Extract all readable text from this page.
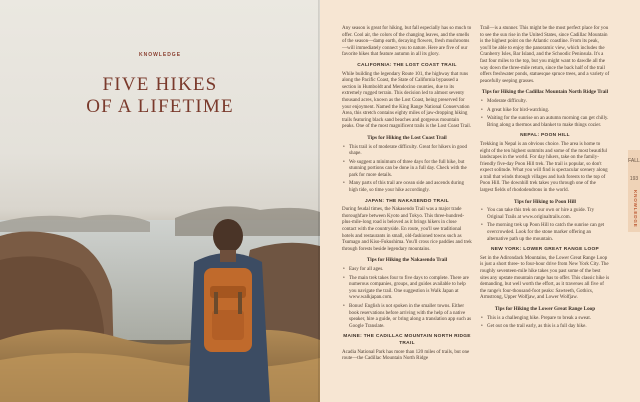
KNOWLEDGE
FIVE HIKES
OF A LIFETIME

Any season is great for hiking, but fall especially has so much to offer. Cool air, the colors of the changing leaves, and the smells of the season—damp earth, decaying flowers, fresh mushrooms—will immediately connect you to nature. Here are five of our favorite hikes that feature autumn in all its glory.

CALIFORNIA: THE LOST COAST TRAIL

While building the legendary Route 101, the highway that runs along the Pacific Coast, the State of California bypassed a section in Humboldt and Mendocino counties, due to its extremely rugged terrain. This decision led to almost seventy thousand acres, known as the Lost Coast, being preserved for your enjoyment. Named the King Range National Conservation Area, this stretch contains eighty miles of jaw-dropping hiking trails featuring black sand beaches and gorgeous mountain peaks. One of the most magnificent trails is the Lost Coast Trail.

Tips for Hiking the Lost Coast Trail
• This trail is of moderate difficulty. Great for hikers in good shape.
• We suggest a minimum of three days for the full hike, but stunning portions can be done in a full day. Check with the park for more details.
• Many parts of this trail are ocean side and ascends during high tide, so time your hike accordingly.
JAPAN: THE NAKASENDO TRAIL

During feudal times, the Nakasendo Trail was a major trade thoroughfare between Kyoto and Tokyo. This three-hundred-plus-mile-long road is beloved as it brings hikers in close contact with the countryside. En route, you'll see traditional hotels and restaurants in small, old-fashioned towns such as Tsumago and Kiso-Fukushima. You'll cross rice paddies and trek through forests beside legendary mountains.

Tips for Hiking the Nakasendo Trail
• Easy for all ages.
• The main trek takes four to five days to complete. There are numerous companies, groups, and guides available to help you navigate the trail. One suggestion is Walk Japan at www.walkjapan.com.
• Bonus! English is not spoken in the smaller towns. Either book reservations before arriving with the help of a native speaker, hire a guide, or bring along a translation app such as Google Translate.
MAINE: THE CADILLAC MOUNTAIN NORTH RIDGE TRAIL

Acadia National Park has more than 120 miles of trails, but one route—the Cadillac Mountain North Ridge

Trail—is a stunner. This might be the most perfect place for you to see the sun rise in the United States, since Cadillac Mountain is the highest point on the Atlantic coastline. From its peak, you'll be able to enjoy the panoramic view, which includes the Cranberry Isles, Bar Island, and the Schoodic Peninsula. It's a fast four miles to the top, but you might want to dawdle all the way down the three-mile return, since the back half of the trail offers freshwater ponds, statuesque spruce trees, and a variety of peacefully seeping grasses.

Tips for Hiking the Cadillac Mountain North Ridge Trail
• Moderate difficulty.
• A great hike for bird-watching.
• Waiting for the sunrise on an autumn morning can get chilly. Bring along a thermos and blanket to make things cozier.
NEPAL: POON HILL

Trekking in Nepal is an obvious choice. The area is home to eight of the ten highest summits and some of the most beautiful landscapes in the world. For day hikers, take on the family-friendly five-day Poon Hill trek. The trail is popular, so don't expect solitude. What you will find is spectacular scenery along a trail that winds through villages and lush forests to the top of Poon Hill. The downhill trek takes you through one of the largest fields of rhododendrons in the world.

Tips for Hiking to Poon Hill
• You can take this trek on our own or hire a guide. Try Original Trails at www.originaltrails.com.
• The morning trek up Poon Hill to catch the sunrise can get overcrowded. Look for the stone marker offering an alternative path up the mountain.
NEW YORK: LOWER GREAT RANGE LOOP

Set in the Adirondack Mountains, the Lower Great Range Loop is just a short three- to four-hour drive from New York City. The roughly seventeen-mile hike takes you past some of the best sites any upstate mountain range has to offer. This classic hike is demanding, but well worth the effort, as it traverses all five of the range's four-thousand-foot peaks: Sawteeth, Gothics, Armstrong, Upper Wolfjaw, and Lower Wolfjaw.

Tips for Hiking the Lower Great Range Loop
• This is a challenging hike. Prepare to break a sweat.
• Get out on the trail early, as this is a full day hike.
FALL
193
KNOWLEDGE
